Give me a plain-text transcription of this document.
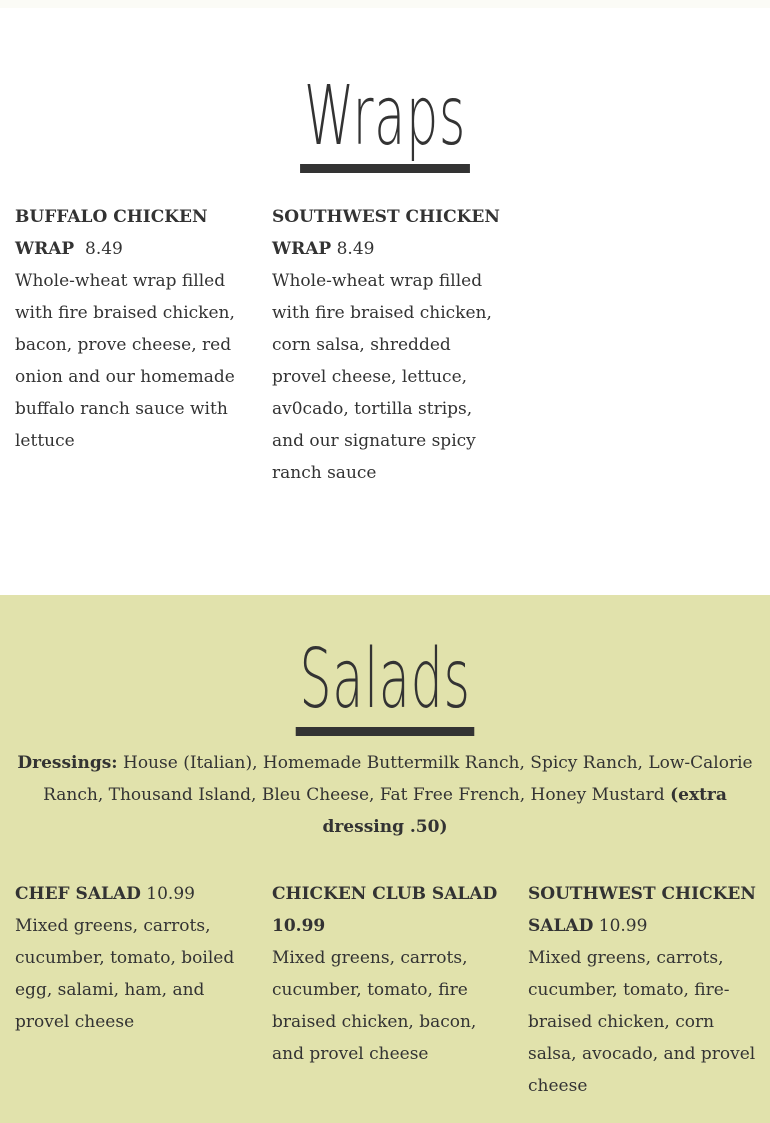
Wraps
BUFFALO CHICKEN WRAP 8.49
Whole-wheat wrap filled with fire braised chicken, bacon, prove cheese, red onion and our homemade buffalo ranch sauce with lettuce
SOUTHWEST CHICKEN WRAP 8.49
Whole-wheat wrap filled with fire braised chicken, corn salsa, shredded provel cheese, lettuce, av0cado, tortilla strips, and our signature spicy ranch sauce
Salads
Dressings: House (Italian), Homemade Buttermilk Ranch, Spicy Ranch, Low-Calorie Ranch, Thousand Island, Bleu Cheese, Fat Free French, Honey Mustard (extra dressing .50)
CHEF SALAD 10.99
Mixed greens, carrots, cucumber, tomato, boiled egg, salami, ham, and provel cheese
CHICKEN CLUB SALAD 10.99
Mixed greens, carrots, cucumber, tomato, fire braised chicken, bacon, and provel cheese
SOUTHWEST CHICKEN SALAD 10.99
Mixed greens, carrots, cucumber, tomato, fire-braised chicken, corn salsa, avocado, and provel cheese
